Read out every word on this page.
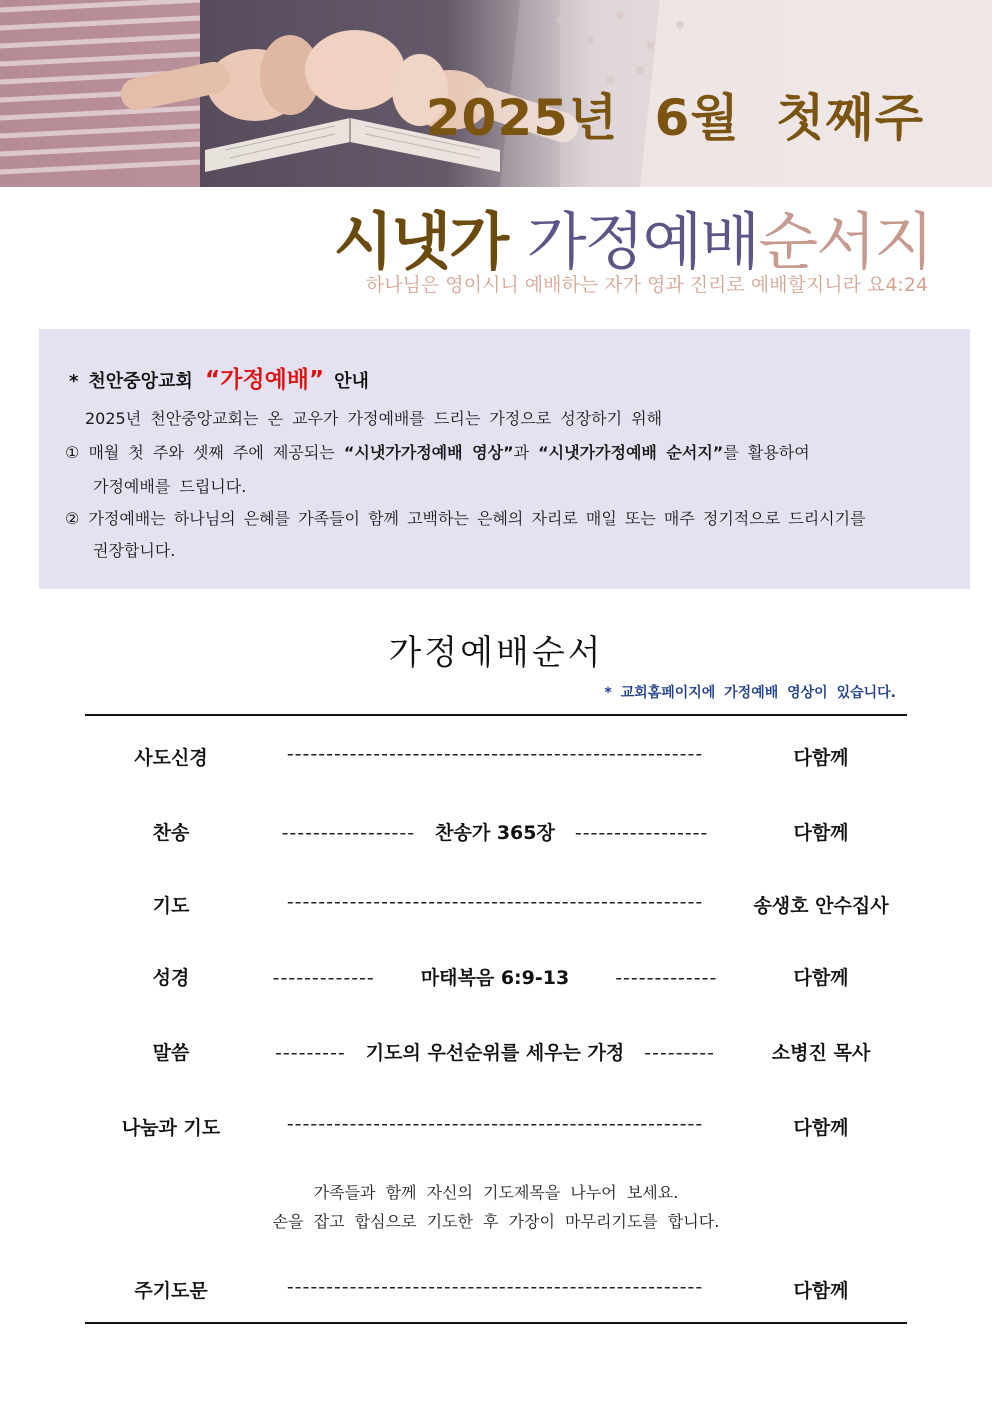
2025년 6월 첫째주
시냇가 가정예배순서지
하나님은 영이시니 예배하는 자가 영과 진리로 예배할지니라 요4:24
* 천안중앙교회 “가정예배” 안내
2025년 천안중앙교회는 온 교우가 가정예배를 드리는 가정으로 성장하기 위해
① 매월 첫 주와 셋째 주에 제공되는 “시냇가가정예배 영상”과 “시냇가가정예배 순서지”를 활용하여
가정예배를 드립니다.
② 가정예배는 하나님의 은혜를 가족들이 함께 고백하는 은혜의 자리로 매일 또는 매주 정기적으로 드리시기를
권장합니다.
가정예배순서
* 교회홈페이지에 가정예배 영상이 있습니다.
사도신경	-----------------------------------------------------	다함께
찬송	----------------- 찬송가 365장 -----------------	다함께
기도	-----------------------------------------------------	송생호 안수집사
성경	------------- 마태복음 6:9-13 -------------	다함께
말씀	--------- 기도의 우선순위를 세우는 가정 ---------	소병진 목사
나눔과 기도	-----------------------------------------------------	다함께
가족들과 함께 자신의 기도제목을 나누어 보세요.
손을 잡고 합심으로 기도한 후 가장이 마무리기도를 합니다.
주기도문	-----------------------------------------------------	다함께
